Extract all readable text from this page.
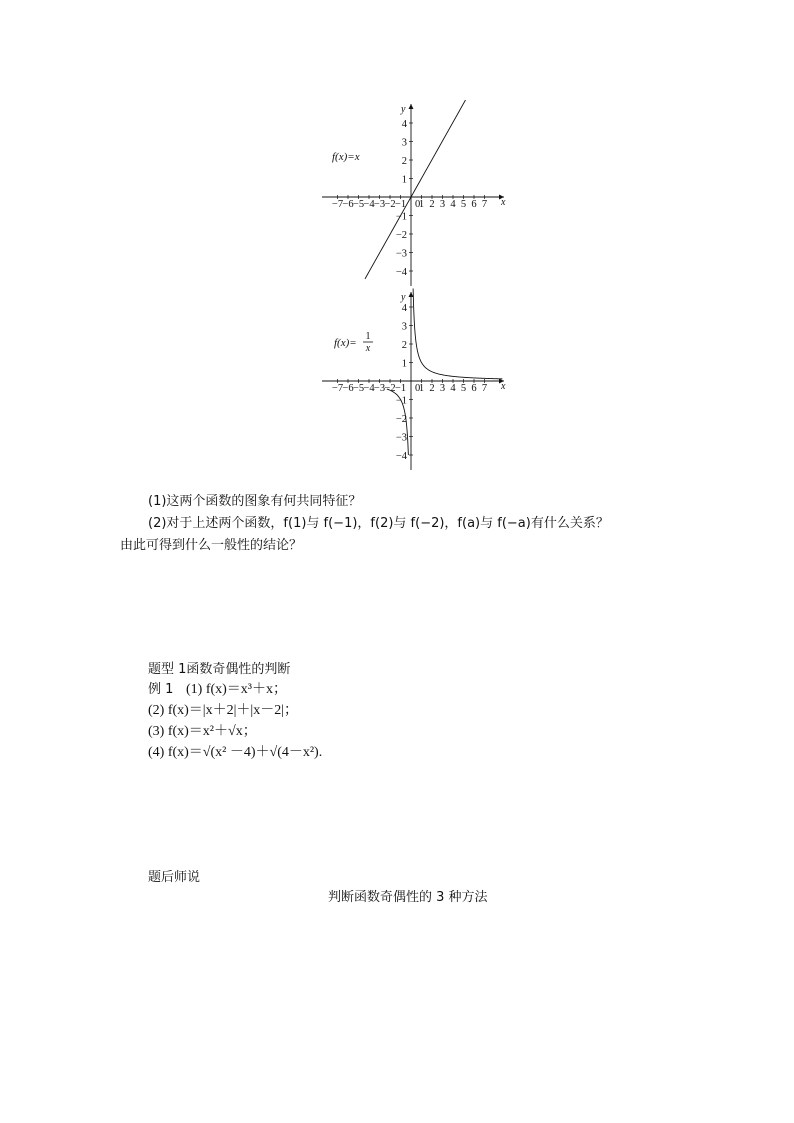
−7 −6 −5 −4 −3 −2 −1 1 2 3 4 5 6 7
0	x
4
3
2
1
−1
−2
−3
−4
y
f(x)=x
−7 −6 −5 −4 −3 −2 −1 1 2 3 4 5 6 7
0	x
4
3
2
1
−1
−2
−3
−4
y
f(x)=
1
x
(1)这两个函数的图象有何共同特征？
(2)对于上述两个函数，f(1)与 f(−1)，f(2)与 f(−2)，f(a)与 f(−a)有什么关系？
由此可得到什么一般性的结论？
题型 1函数奇偶性的判断
例 1 (1) f(x)＝x³＋x；
(2) f(x)＝|x＋2|＋|x－2|；
(3) f(x)＝x²＋√x；
(4) f(x)＝√(x² －4)＋√(4－x²).
题后师说
判断函数奇偶性的 3 种方法
